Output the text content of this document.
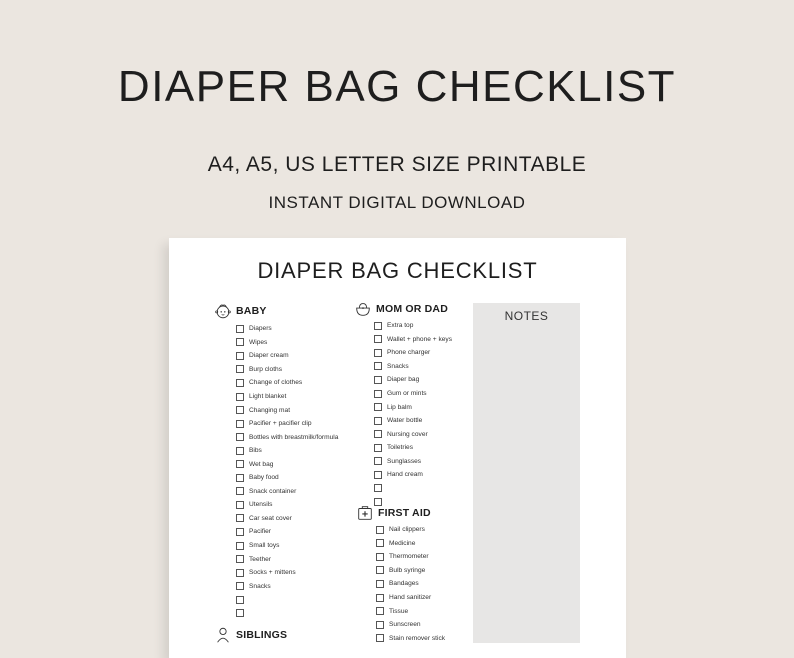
DIAPER BAG CHECKLIST
A4, A5, US LETTER SIZE PRINTABLE
INSTANT DIGITAL DOWNLOAD
DIAPER BAG CHECKLIST
BABY
Diapers
Wipes
Diaper cream
Burp cloths
Change of clothes
Light blanket
Changing mat
Pacifier + pacifier clip
Bottles with breastmilk/formula
Bibs
Wet bag
Baby food
Snack container
Utensils
Car seat cover
Pacifier
Small toys
Teether
Socks + mittens
Snacks
MOM OR DAD
Extra top
Wallet + phone + keys
Phone charger
Snacks
Diaper bag
Gum or mints
Lip balm
Water bottle
Nursing cover
Toiletries
Sunglasses
Hand cream
FIRST AID
Nail clippers
Medicine
Thermometer
Bulb syringe
Bandages
Hand sanitizer
Tissue
Sunscreen
Stain remover stick
SIBLINGS
NOTES
